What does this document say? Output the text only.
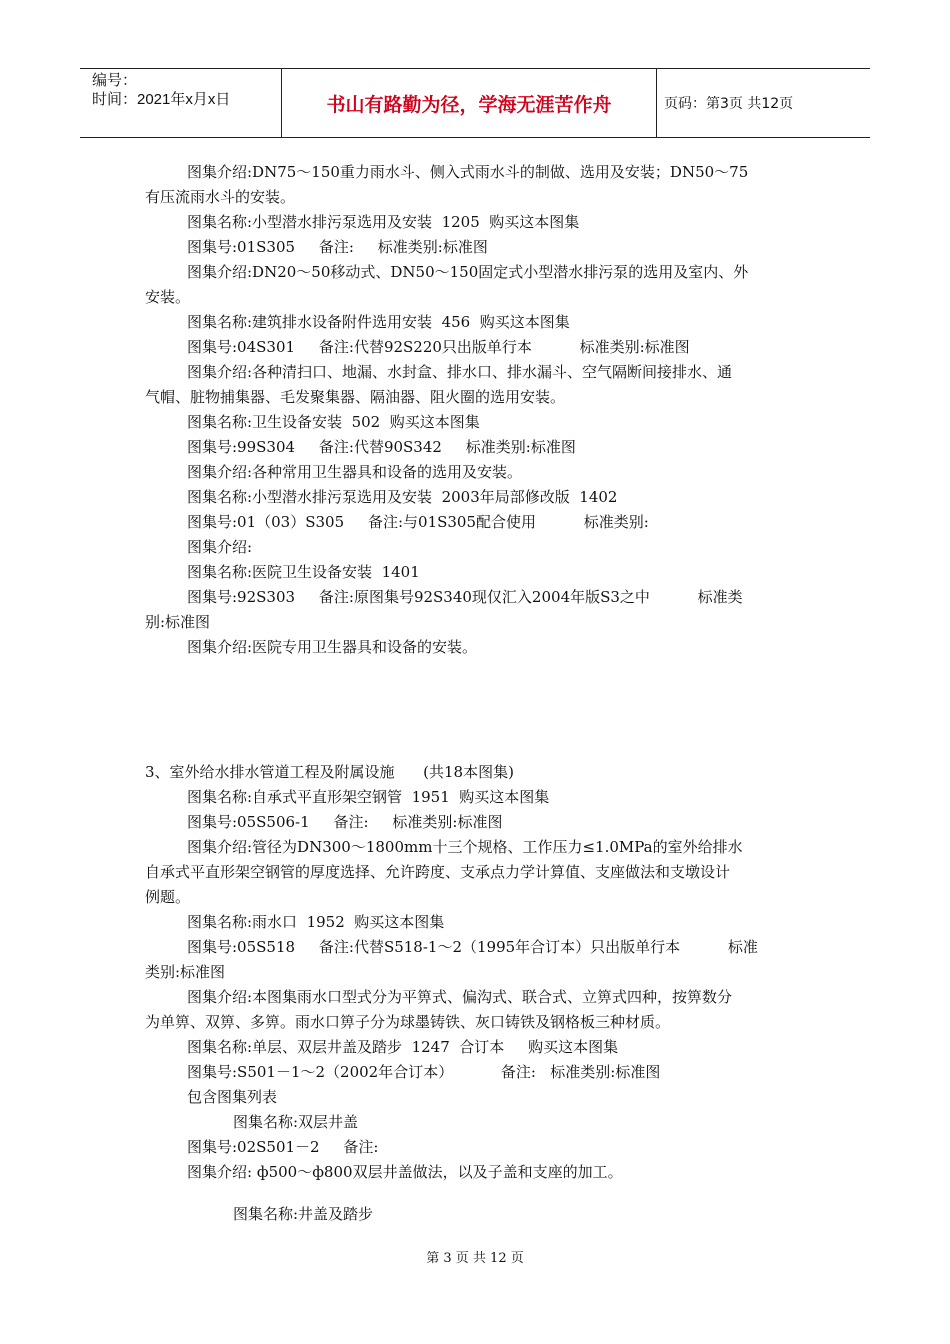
编号：
时间：2021年x月x日	书山有路勤为径，学海无涯苦作舟	页码：第3页 共12页

图集介绍:DN75～150重力雨水斗、侧入式雨水斗的制做、选用及安装；DN50～75

有压流雨水斗的安装。

图集名称:小型潜水排污泵选用及安装  1205  购买这本图集

图集号:01S305     备注:     标准类别:标准图

图集介绍:DN20～50移动式、DN50～150固定式小型潜水排污泵的选用及室内、外

安装。

图集名称:建筑排水设备附件选用安装  456  购买这本图集

图集号:04S301     备注:代替92S220只出版单行本          标准类别:标准图

图集介绍:各种清扫口、地漏、水封盒、排水口、排水漏斗、空气隔断间接排水、通

气帽、脏物捕集器、毛发聚集器、隔油器、阻火圈的选用安装。

图集名称:卫生设备安装  502  购买这本图集

图集号:99S304     备注:代替90S342     标准类别:标准图

图集介绍:各种常用卫生器具和设备的选用及安装。

图集名称:小型潜水排污泵选用及安装  2003年局部修改版  1402

图集号:01（03）S305     备注:与01S305配合使用          标准类别:

图集介绍:

图集名称:医院卫生设备安装  1401

图集号:92S303     备注:原图集号92S340现仅汇入2004年版S3之中          标准类

别:标准图

图集介绍:医院专用卫生器具和设备的安装。

3、室外给水排水管道工程及附属设施      (共18本图集)

图集名称:自承式平直形架空钢管  1951  购买这本图集

图集号:05S506-1     备注:     标准类别:标准图

图集介绍:管径为DN300～1800mm十三个规格、工作压力≤1.0MPa的室外给排水

自承式平直形架空钢管的厚度选择、允许跨度、支承点力学计算值、支座做法和支墩设计

例题。

图集名称:雨水口  1952  购买这本图集

图集号:05S518     备注:代替S518-1～2（1995年合订本）只出版单行本          标准

类别:标准图

图集介绍:本图集雨水口型式分为平箅式、偏沟式、联合式、立箅式四种，按箅数分

为单箅、双箅、多箅。雨水口箅子分为球墨铸铁、灰口铸铁及钢格板三种材质。

图集名称:单层、双层井盖及踏步  1247  合订本     购买这本图集

图集号:S501－1～2（2002年合订本）          备注:   标准类别:标准图

包含图集列表

图集名称:双层井盖

图集号:02S501－2     备注:

图集介绍: ф500～ф800双层井盖做法，以及子盖和支座的加工。

图集名称:井盖及踏步

第 3 页 共 12 页
